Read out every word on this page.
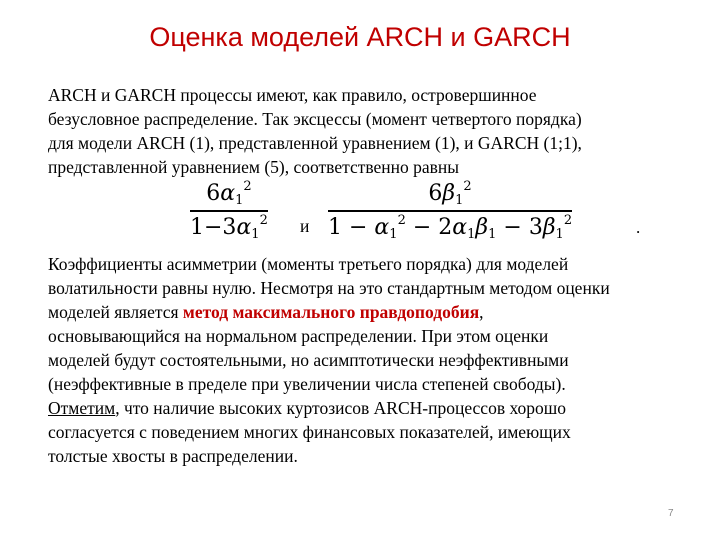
Оценка моделей ARCH и GARCH
ARCH и GARCH процессы имеют, как правило, островершинное
безусловное распределение. Так эксцессы (момент четвертого порядка)
для модели ARCH (1), представленной уравнением (1), и GARCH (1;1),
представленной уравнением (5), соответственно равны
$6\alpha_1^2$
$1-3\alpha_1^2$ и
$6\beta_1^2$
$1 - \alpha_1^2 - 2\alpha_1\beta_1 - 3\beta_1^2$	.
Коэффициенты асимметрии (моменты третьего порядка) для моделей
волатильности равны нулю. Несмотря на это стандартным методом оценки
моделей является метод максимального правдоподобия,
основывающийся на нормальном распределении. При этом оценки
моделей будут состоятельными, но асимптотически неэффективными
(неэффективные в пределе при увеличении числа степеней свободы).
Отметим, что наличие высоких куртозисов ARCH-процессов хорошо
согласуется с поведением многих финансовых показателей, имеющих
толстые хвосты в распределении.
7
